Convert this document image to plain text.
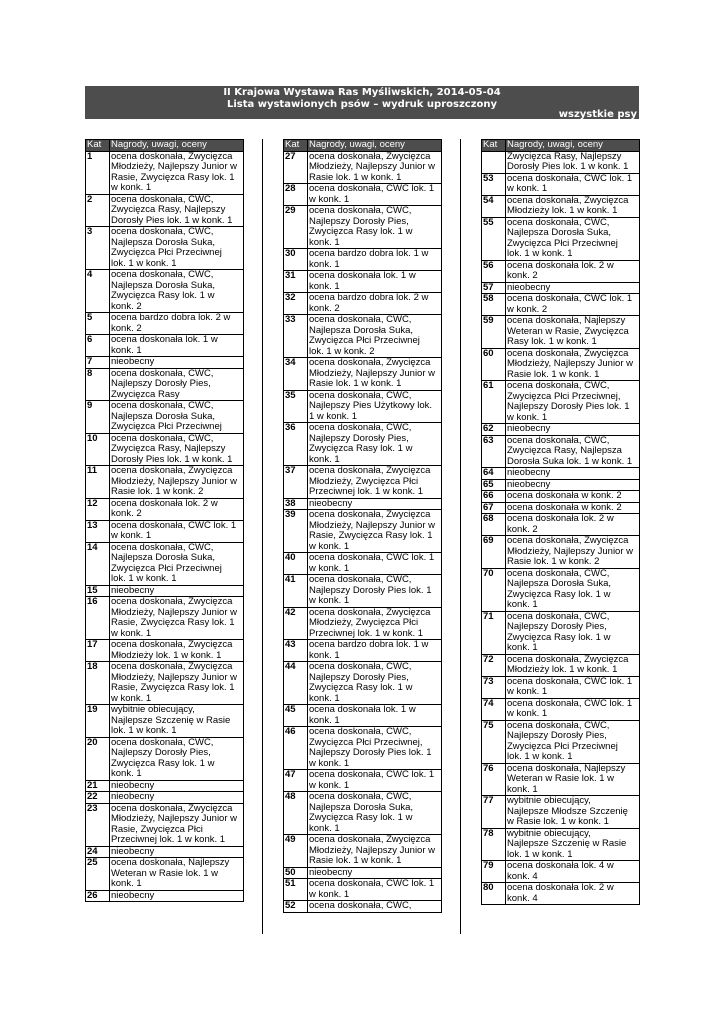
II Krajowa Wystawa Ras Myśliwskich, 2014-05-04
Lista wystawionych psów – wydruk uproszczony
wszystkie psy
Kat	Nagrody, uwagi, oceny
1	ocena doskonała, Zwycięzca
Młodzieży, Najlepszy Junior w
Rasie, Zwycięzca Rasy lok. 1
w konk. 1

2	ocena doskonała, CWC,
Zwycięzca Rasy, Najlepszy
Dorosły Pies lok. 1 w konk. 1

3	ocena doskonała, CWC,
Najlepsza Dorosła Suka,
Zwycięzca Płci Przeciwnej
lok. 1 w konk. 1

4	ocena doskonała, CWC,
Najlepsza Dorosła Suka,
Zwycięzca Rasy lok. 1 w
konk. 2

5	ocena bardzo dobra lok. 2 w
konk. 2

6	ocena doskonała lok. 1 w
konk. 1

7	nieobecny

8	ocena doskonała, CWC,
Najlepszy Dorosły Pies,
Zwycięzca Rasy

9	ocena doskonała, CWC,
Najlepsza Dorosła Suka,
Zwycięzca Płci Przeciwnej

10	ocena doskonała, CWC,
Zwycięzca Rasy, Najlepszy
Dorosły Pies lok. 1 w konk. 1

11	ocena doskonała, Zwycięzca
Młodzieży, Najlepszy Junior w
Rasie lok. 1 w konk. 2

12	ocena doskonała lok. 2 w
konk. 2

13	ocena doskonała, CWC lok. 1
w konk. 1

14	ocena doskonała, CWC,
Najlepsza Dorosła Suka,
Zwycięzca Płci Przeciwnej
lok. 1 w konk. 1

15	nieobecny

16	ocena doskonała, Zwycięzca
Młodzieży, Najlepszy Junior w
Rasie, Zwycięzca Rasy lok. 1
w konk. 1

17	ocena doskonała, Zwycięzca
Młodzieży lok. 1 w konk. 1

18	ocena doskonała, Zwycięzca
Młodzieży, Najlepszy Junior w
Rasie, Zwycięzca Rasy lok. 1
w konk. 1

19	wybitnie obiecujący,
Najlepsze Szczenię w Rasie
lok. 1 w konk. 1

20	ocena doskonała, CWC,
Najlepszy Dorosły Pies,
Zwycięzca Rasy lok. 1 w
konk. 1

21	nieobecny

22	nieobecny

23	ocena doskonała, Zwycięzca
Młodzieży, Najlepszy Junior w
Rasie, Zwycięzca Płci
Przeciwnej lok. 1 w konk. 1

24	nieobecny

25	ocena doskonała, Najlepszy
Weteran w Rasie lok. 1 w
konk. 1

26	nieobecny
Kat	Nagrody, uwagi, oceny
27	ocena doskonała, Zwycięzca
Młodzieży, Najlepszy Junior w
Rasie lok. 1 w konk. 1

28	ocena doskonała, CWC lok. 1
w konk. 1

29	ocena doskonała, CWC,
Najlepszy Dorosły Pies,
Zwycięzca Rasy lok. 1 w
konk. 1

30	ocena bardzo dobra lok. 1 w
konk. 1

31	ocena doskonała lok. 1 w
konk. 1

32	ocena bardzo dobra lok. 2 w
konk. 2

33	ocena doskonała, CWC,
Najlepsza Dorosła Suka,
Zwycięzca Płci Przeciwnej
lok. 1 w konk. 2

34	ocena doskonała, Zwycięzca
Młodzieży, Najlepszy Junior w
Rasie lok. 1 w konk. 1

35	ocena doskonała, CWC,
Najlepszy Pies Użytkowy lok.
1 w konk. 1

36	ocena doskonała, CWC,
Najlepszy Dorosły Pies,
Zwycięzca Rasy lok. 1 w
konk. 1

37	ocena doskonała, Zwycięzca
Młodzieży, Zwycięzca Płci
Przeciwnej lok. 1 w konk. 1

38	nieobecny

39	ocena doskonała, Zwycięzca
Młodzieży, Najlepszy Junior w
Rasie, Zwycięzca Rasy lok. 1
w konk. 1

40	ocena doskonała, CWC lok. 1
w konk. 1

41	ocena doskonała, CWC,
Najlepszy Dorosły Pies lok. 1
w konk. 1

42	ocena doskonała, Zwycięzca
Młodzieży, Zwycięzca Płci
Przeciwnej lok. 1 w konk. 1

43	ocena bardzo dobra lok. 1 w
konk. 1

44	ocena doskonała, CWC,
Najlepszy Dorosły Pies,
Zwycięzca Rasy lok. 1 w
konk. 1

45	ocena doskonała lok. 1 w
konk. 1

46	ocena doskonała, CWC,
Zwycięzca Płci Przeciwnej,
Najlepszy Dorosły Pies lok. 1
w konk. 1

47	ocena doskonała, CWC lok. 1
w konk. 1

48	ocena doskonała, CWC,
Najlepsza Dorosła Suka,
Zwycięzca Rasy lok. 1 w
konk. 1

49	ocena doskonała, Zwycięzca
Młodzieży, Najlepszy Junior w
Rasie lok. 1 w konk. 1

50	nieobecny

51	ocena doskonała, CWC lok. 1
w konk. 1

52	ocena doskonała, CWC,
Kat	Nagrody, uwagi, oceny

	Zwycięzca Rasy, Najlepszy
Dorosły Pies lok. 1 w konk. 1

53	ocena doskonała, CWC lok. 1
w konk. 1

54	ocena doskonała, Zwycięzca
Młodzieży lok. 1 w konk. 1

55	ocena doskonała, CWC,
Najlepsza Dorosła Suka,
Zwycięzca Płci Przeciwnej
lok. 1 w konk. 1

56	ocena doskonała lok. 2 w
konk. 2

57	nieobecny

58	ocena doskonała, CWC lok. 1
w konk. 2

59	ocena doskonała, Najlepszy
Weteran w Rasie, Zwycięzca
Rasy lok. 1 w konk. 1

60	ocena doskonała, Zwycięzca
Młodzieży, Najlepszy Junior w
Rasie lok. 1 w konk. 1

61	ocena doskonała, CWC,
Zwycięzca Płci Przeciwnej,
Najlepszy Dorosły Pies lok. 1
w konk. 1

62	nieobecny

63	ocena doskonała, CWC,
Zwycięzca Rasy, Najlepsza
Dorosła Suka lok. 1 w konk. 1

64	nieobecny

65	nieobecny

66	ocena doskonała w konk. 2

67	ocena doskonała w konk. 2

68	ocena doskonała lok. 2 w
konk. 2

69	ocena doskonała, Zwycięzca
Młodzieży, Najlepszy Junior w
Rasie lok. 1 w konk. 2

70	ocena doskonała, CWC,
Najlepsza Dorosła Suka,
Zwycięzca Rasy lok. 1 w
konk. 1

71	ocena doskonała, CWC,
Najlepszy Dorosły Pies,
Zwycięzca Rasy lok. 1 w
konk. 1

72	ocena doskonała, Zwycięzca
Młodzieży lok. 1 w konk. 1

73	ocena doskonała, CWC lok. 1
w konk. 1

74	ocena doskonała, CWC lok. 1
w konk. 1

75	ocena doskonała, CWC,
Najlepszy Dorosły Pies,
Zwycięzca Płci Przeciwnej
lok. 1 w konk. 1

76	ocena doskonała, Najlepszy
Weteran w Rasie lok. 1 w
konk. 1

77	wybitnie obiecujący,
Najlepsze Młodsze Szczenię
w Rasie lok. 1 w konk. 1

78	wybitnie obiecujący,
Najlepsze Szczenię w Rasie
lok. 1 w konk. 1

79	ocena doskonała lok. 4 w
konk. 4

80	ocena doskonała lok. 2 w
konk. 4
